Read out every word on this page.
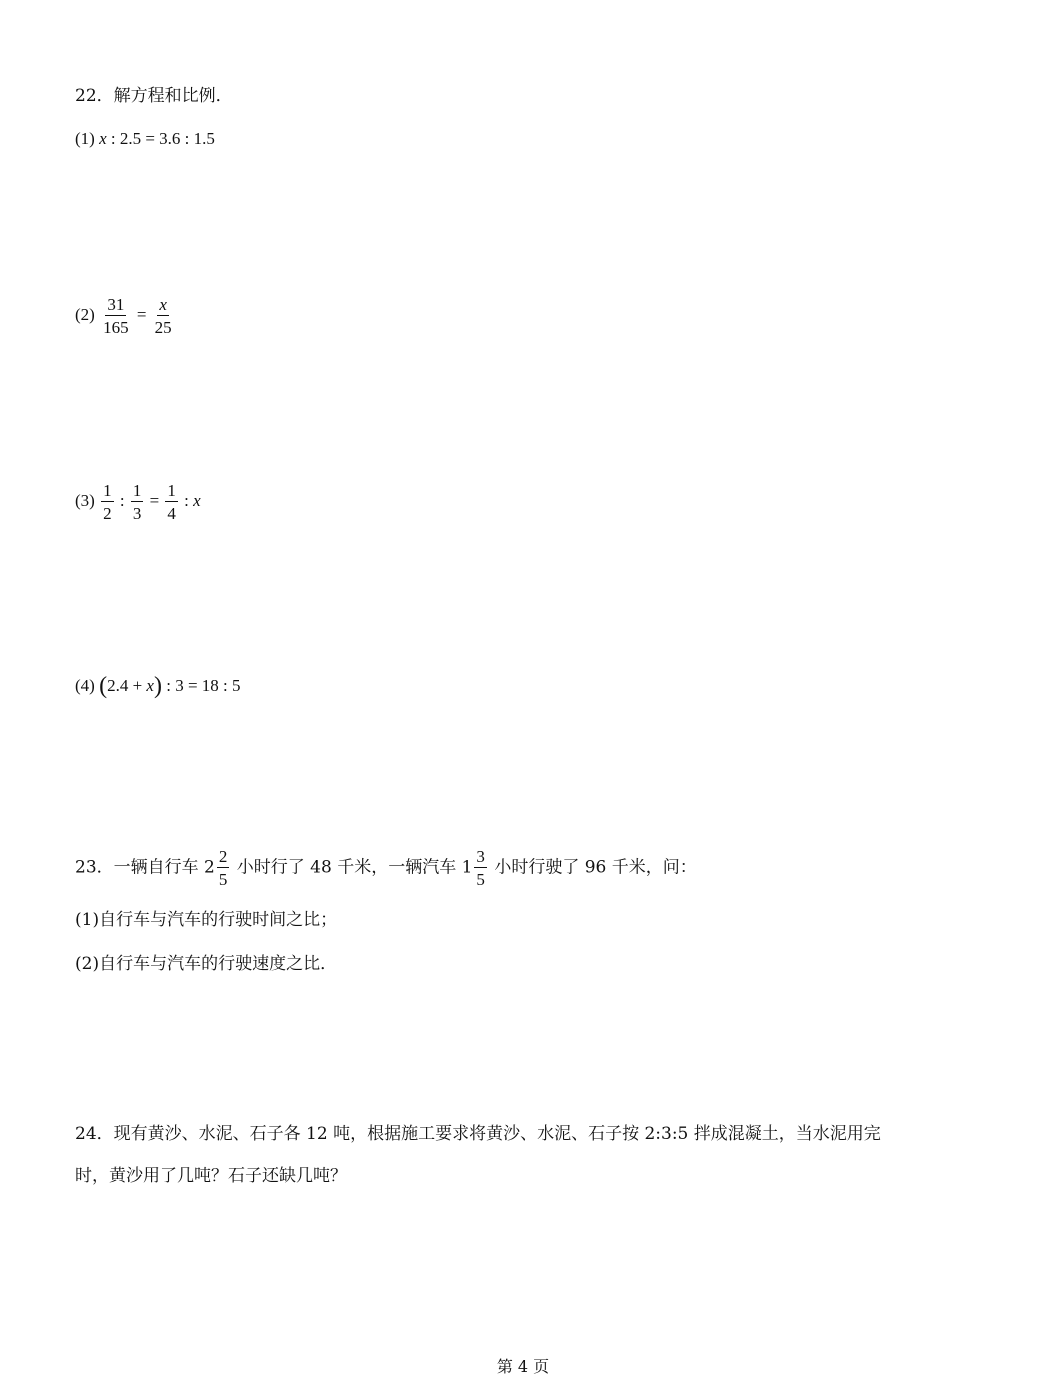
22．解方程和比例．
(1) x : 2.5 = 3.6 : 1.5
$(2) \frac{31}{165} = \frac{x}{25}$
$(3) \frac{1}{2}$ : $\frac{1}{3} = \frac{1}{4}$ : x
(4) (2.4 + x) : 3 = 18 : 5
23．一辆自行车 $2 \frac{2}{5}$ 小时行了 48 千米，一辆汽车 $1 \frac{3}{5}$ 小时行驶了 96 千米，问：
(1)自行车与汽车的行驶时间之比；
(2)自行车与汽车的行驶速度之比．
24．现有黄沙、水泥、石子各 12 吨，根据施工要求将黄沙、水泥、石子按 2:3:5 拌成混凝土，当水泥用完
时，黄沙用了几吨？石子还缺几吨？
第 4 页
